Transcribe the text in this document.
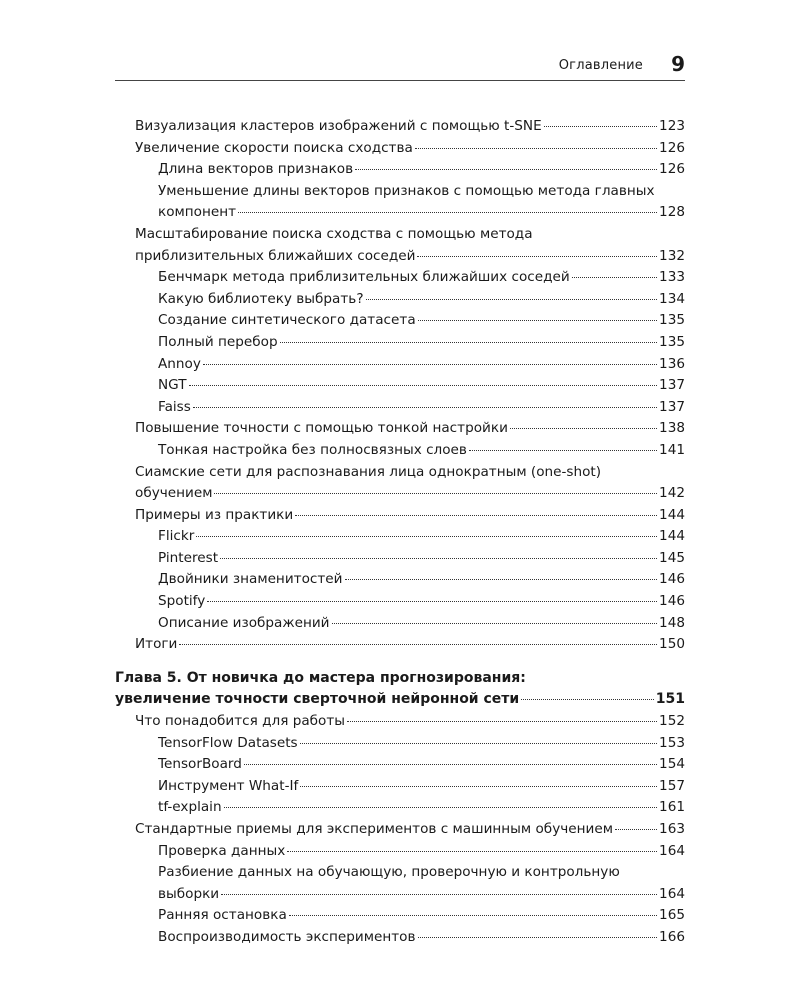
Оглавление 9
Визуализация кластеров изображений с помощью t-SNE	123
Увеличение скорости поиска сходства	126
Длина векторов признаков	126
Уменьшение длины векторов признаков с помощью метода главных
компонент	128
Масштабирование поиска сходства с помощью метода
приблизительных ближайших соседей	132
Бенчмарк метода приблизительных ближайших соседей	133
Какую библиотеку выбрать?	134
Создание синтетического датасета	135
Полный перебор	135
Annoy	136
NGT	137
Faiss	137
Повышение точности с помощью тонкой настройки	138
Тонкая настройка без полносвязных слоев	141
Сиамские сети для распознавания лица однократным (one-shot)
обучением	142
Примеры из практики	144
Flickr	144
Pinterest	145
Двойники знаменитостей	146
Spotify	146
Описание изображений	148
Итоги	150
Глава 5. От новичка до мастера прогнозирования:
увеличение точности сверточной нейронной сети	151
Что понадобится для работы	152
TensorFlow Datasets	153
TensorBoard	154
Инструмент What-If	157
tf-explain	161
Стандартные приемы для экспериментов с машинным обучением	163
Проверка данных	164
Разбиение данных на обучающую, проверочную и контрольную
выборки	164
Ранняя остановка	165
Воспроизводимость экспериментов	166
